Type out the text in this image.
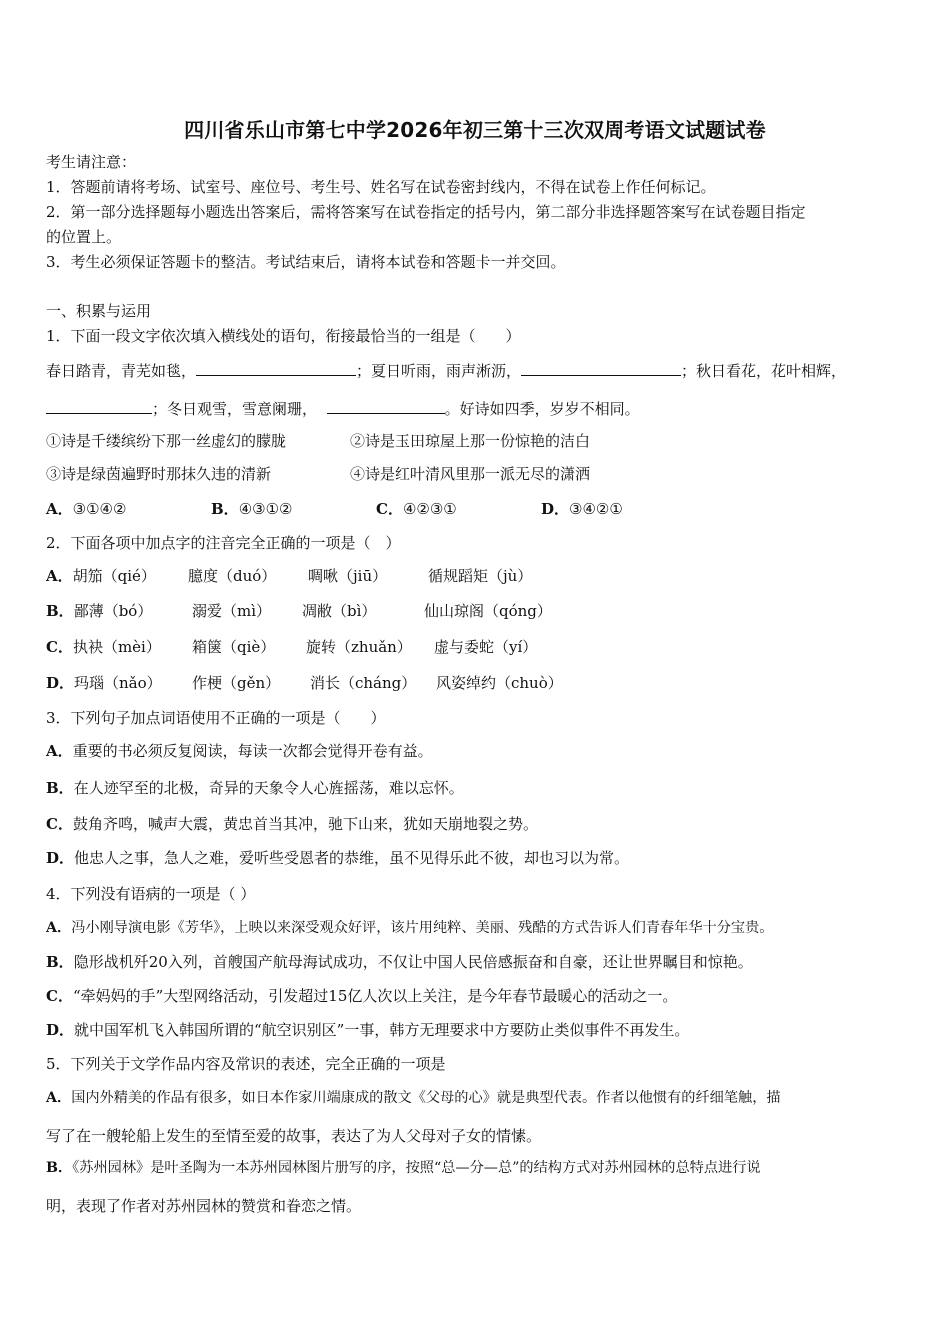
四川省乐山市第七中学2026年初三第十三次双周考语文试题试卷
考生请注意：
1．答题前请将考场、试室号、座位号、考生号、姓名写在试卷密封线内，不得在试卷上作任何标记。
2．第一部分选择题每小题选出答案后，需将答案写在试卷指定的括号内，第二部分非选择题答案写在试卷题目指定
的位置上。
3．考生必须保证答题卡的整洁。考试结束后，请将本试卷和答题卡一并交回。
一、积累与运用
1．下面一段文字依次填入横线处的语句，衔接最恰当的一组是（　　）
春日踏青，青芜如毯，	；夏日听雨，雨声淅沥，	；秋日看花，花叶相辉，
；冬日观雪，雪意阑珊，	。好诗如四季，岁岁不相同。
①诗是千缕缤纷下那一丝虚幻的朦胧	②诗是玉田琼屋上那一份惊艳的洁白
③诗是绿茵遍野时那抹久违的清新	④诗是红叶清风里那一派无尽的潇洒
A．③①④②	B．④③①②	C．④②③①	D．③④②①
2．下面各项中加点字的注音完全正确的一项是（　）
A．胡笳（qié） 臆度（duó） 啁啾（jiū）	循规蹈矩（jù）
B．鄙薄（bó）	溺爱（mì） 凋敝（bì）	仙山琼阁（qóng）
C．执袂（mèi） 箱箧（qiè） 旋转（zhuǎn） 虚与委蛇（yí）
D．玛瑙（nǎo） 作梗（gěn） 消长（cháng） 风姿绰约（chuò）
3．下列句子加点词语使用不正确的一项是（　　）
A．重要的书必须反复阅读，每读一次都会觉得开卷有益。
B．在人迹罕至的北极，奇异的天象令人心旌摇荡，难以忘怀。
C．鼓角齐鸣，喊声大震，黄忠首当其冲，驰下山来，犹如天崩地裂之势。
D．他忠人之事，急人之难，爱听些受恩者的恭维，虽不见得乐此不彼，却也习以为常。
4．下列没有语病的一项是（ ）
A．冯小刚导演电影《芳华》，上映以来深受观众好评，该片用纯粹、美丽、残酷的方式告诉人们青春年华十分宝贵。
B．隐形战机歼20入列，首艘国产航母海试成功，不仅让中国人民倍感振奋和自豪，还让世界瞩目和惊艳。
C．“牵妈妈的手”大型网络活动，引发超过15亿人次以上关注，是今年春节最暖心的活动之一。
D．就中国军机飞入韩国所谓的“航空识别区”一事，韩方无理要求中方要防止类似事件不再发生。
5．下列关于文学作品内容及常识的表述，完全正确的一项是
A．国内外精美的作品有很多，如日本作家川端康成的散文《父母的心》就是典型代表。作者以他惯有的纤细笔触，描
写了在一艘轮船上发生的至情至爱的故事，表达了为人父母对子女的情愫。
B．《苏州园林》是叶圣陶为一本苏州园林图片册写的序，按照“总—分—总”的结构方式对苏州园林的总特点进行说
明，表现了作者对苏州园林的赞赏和眷恋之情。
